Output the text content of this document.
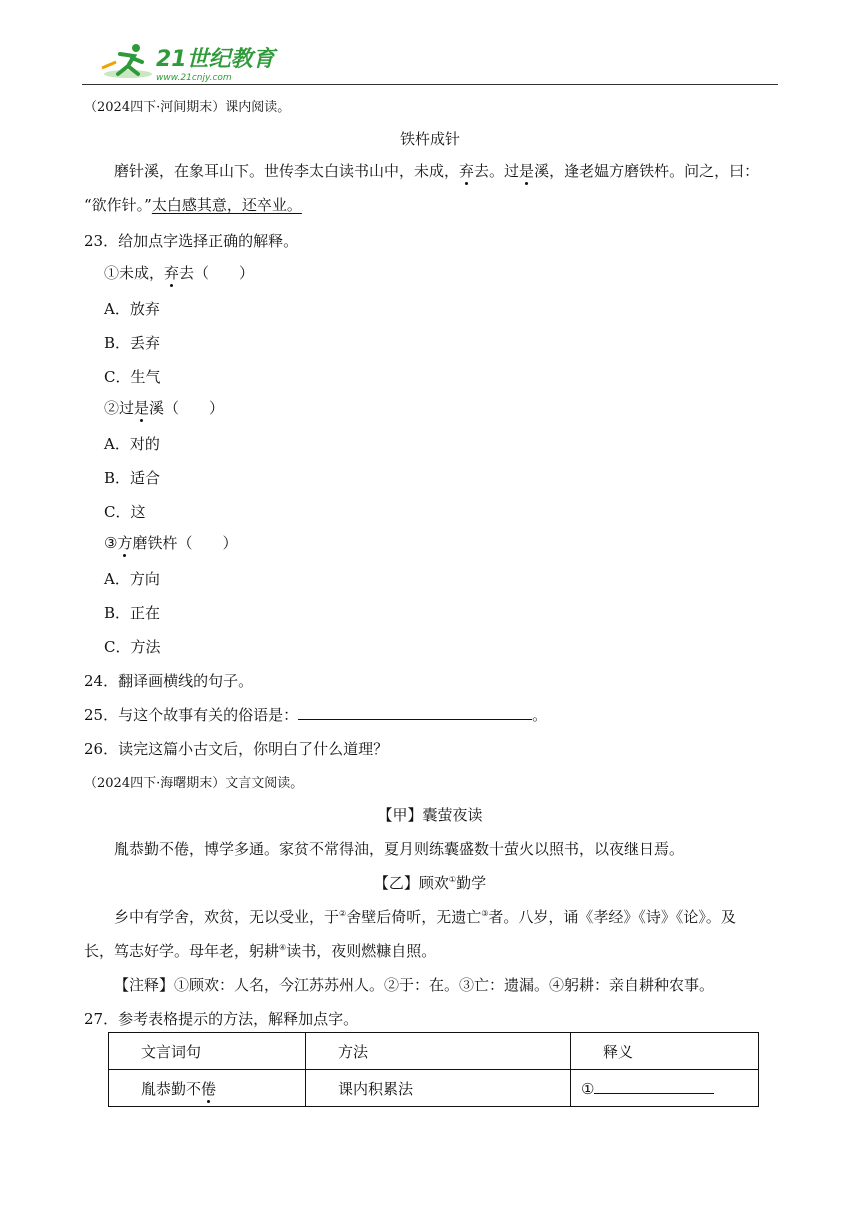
21世纪教育
www.21cnjy.com
（2024四下·河间期末）课内阅读。
铁杵成针
磨针溪，在象耳山下。世传李太白读书山中，未成，弃去。过是溪，逢老媪方磨铁杵。问之，曰：
“欲作针。”太白感其意，还卒业。
23．给加点字选择正确的解释。
①未成，弃去（　　）
A．放弃
B．丢弃
C．生气
②过是溪（　　）
A．对的
B．适合
C．这
③方磨铁杵（　　）
A．方向
B．正在
C．方法
24．翻译画横线的句子。
25．与这个故事有关的俗语是：	。
26．读完这篇小古文后，你明白了什么道理？
（2024四下·海曙期末）文言文阅读。
【甲】囊萤夜读
胤恭勤不倦，博学多通。家贫不常得油，夏月则练囊盛数十萤火以照书，以夜继日焉。
【乙】顾欢①勤学
乡中有学舍，欢贫，无以受业，于②舍壁后倚听，无遗亡③者。八岁，诵《孝经》《诗》《论》。及
长，笃志好学。母年老，躬耕④读书，夜则燃糠自照。
【注释】①顾欢：人名，今江苏苏州人。②于：在。③亡：遗漏。④躬耕：亲自耕种农事。
27．参考表格提示的方法，解释加点字。
文言词句	方法	释义
胤恭勤不倦	课内积累法	①
